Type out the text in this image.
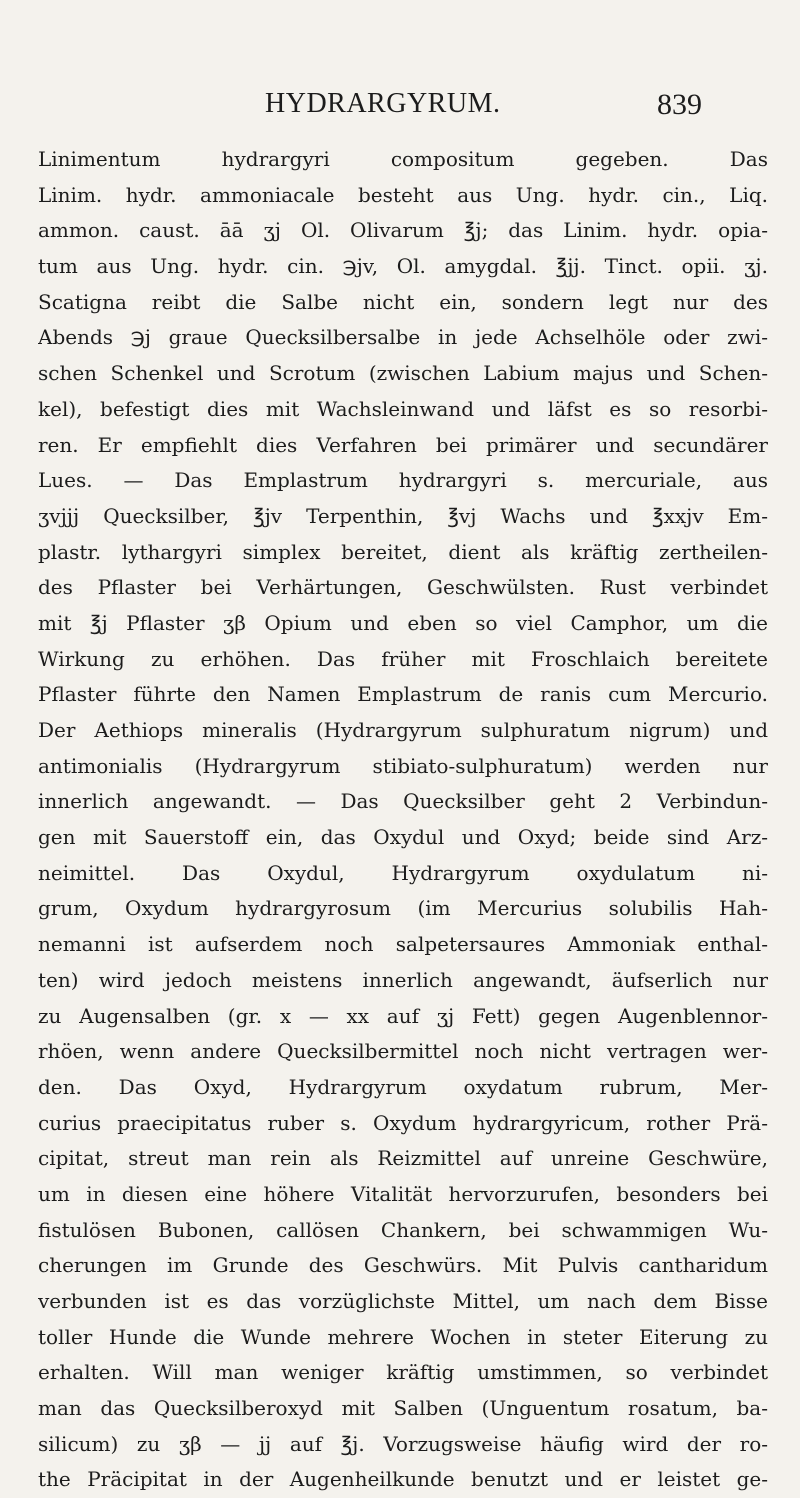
HYDRARGYRUM.	839
Linimentum hydrargyri compositum gegeben. Das
Linim. hydr. ammoniacale besteht aus Ung. hydr. cin., Liq.
ammon. caust. āā ʒj Ol. Olivarum ℥j; das Linim. hydr. opia-
tum aus Ung. hydr. cin. ℈jv, Ol. amygdal. ℥jj. Tinct. opii. ʒj.
Scatigna reibt die Salbe nicht ein, sondern legt nur des
Abends ℈j graue Quecksilbersalbe in jede Achselhöle oder zwi-
schen Schenkel und Scrotum (zwischen Labium majus und Schen-
kel), befestigt dies mit Wachsleinwand und läfst es so resorbi-
ren. Er empfiehlt dies Verfahren bei primärer und secundärer
Lues. — Das Emplastrum hydrargyri s. mercuriale, aus
ʒvjjj Quecksilber, ℥jv Terpenthin, ℥vj Wachs und ℥xxjv Em-
plastr. lythargyri simplex bereitet, dient als kräftig zertheilen-
des Pflaster bei Verhärtungen, Geschwülsten. Rust verbindet
mit ℥j Pflaster ʒβ Opium und eben so viel Camphor, um die
Wirkung zu erhöhen. Das früher mit Froschlaich bereitete
Pflaster führte den Namen Emplastrum de ranis cum Mercurio.
Der Aethiops mineralis (Hydrargyrum sulphuratum nigrum) und
antimonialis (Hydrargyrum stibiato-sulphuratum) werden nur
innerlich angewandt. — Das Quecksilber geht 2 Verbindun-
gen mit Sauerstoff ein, das Oxydul und Oxyd; beide sind Arz-
neimittel. Das Oxydul, Hydrargyrum oxydulatum ni-
grum, Oxydum hydrargyrosum (im Mercurius solubilis Hah-
nemanni ist aufserdem noch salpetersaures Ammoniak enthal-
ten) wird jedoch meistens innerlich angewandt, äufserlich nur
zu Augensalben (gr. x — xx auf ʒj Fett) gegen Augenblennor-
rhöen, wenn andere Quecksilbermittel noch nicht vertragen wer-
den. Das Oxyd, Hydrargyrum oxydatum rubrum, Mer-
curius praecipitatus ruber s. Oxydum hydrargyricum, rother Prä-
cipitat, streut man rein als Reizmittel auf unreine Geschwüre,
um in diesen eine höhere Vitalität hervorzurufen, besonders bei
fistulösen Bubonen, callösen Chankern, bei schwammigen Wu-
cherungen im Grunde des Geschwürs. Mit Pulvis cantharidum
verbunden ist es das vorzüglichste Mittel, um nach dem Bisse
toller Hunde die Wunde mehrere Wochen in steter Eiterung zu
erhalten. Will man weniger kräftig umstimmen, so verbindet
man das Quecksilberoxyd mit Salben (Unguentum rosatum, ba-
silicum) zu ʒβ — jj auf ℥j. Vorzugsweise häufig wird der ro-
the Präcipitat in der Augenheilkunde benutzt und er leistet ge-
